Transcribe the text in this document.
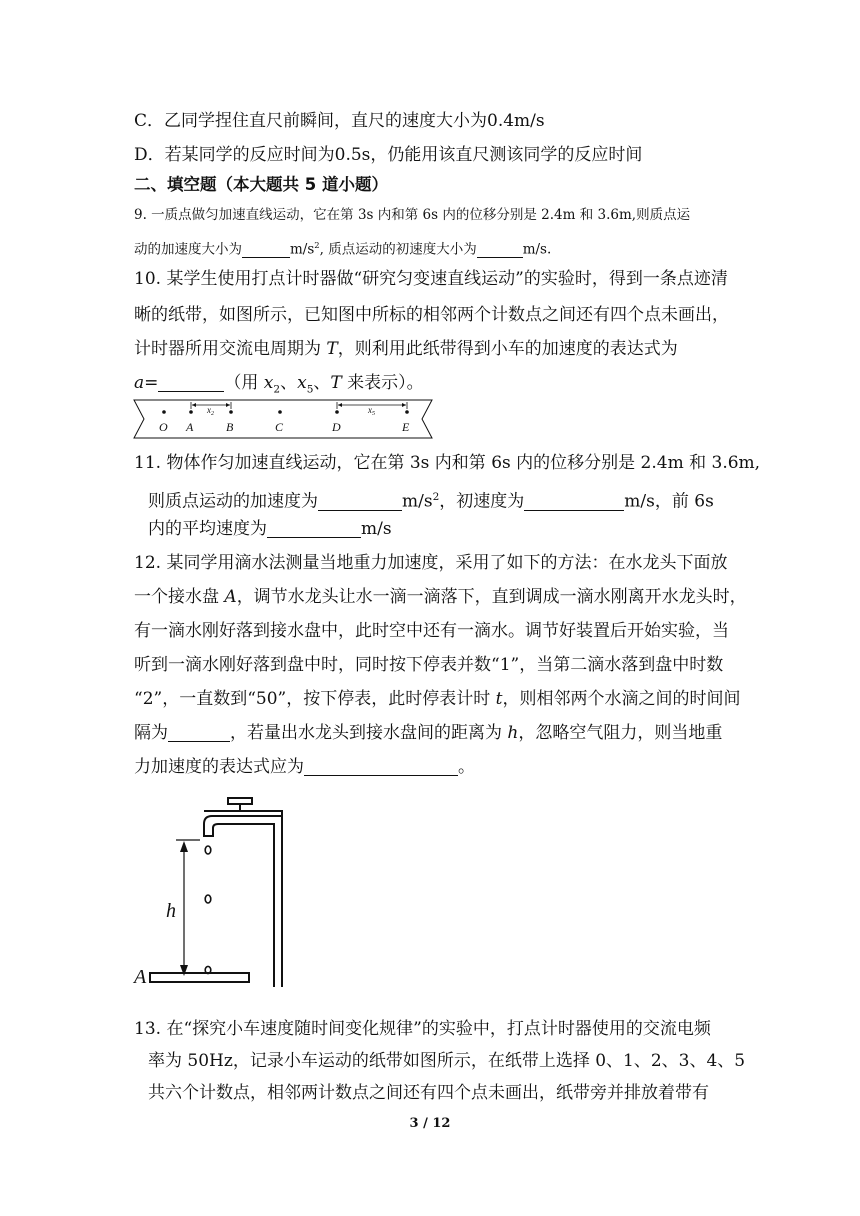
C．乙同学捏住直尺前瞬间，直尺的速度大小为0.4m/s
D．若某同学的反应时间为0.5s，仍能用该直尺测该同学的反应时间
二、填空题（本大题共 5 道小题）
9. 一质点做匀加速直线运动，它在第 3s 内和第 6s 内的位移分别是 2.4m 和 3.6m,则质点运
动的加速度大小为	$m/s^2$, 质点运动的初速度大小为	m/s.
10. 某学生使用打点计时器做“研究匀变速直线运动”的实验时，得到一条点迹清
晰的纸带，如图所示，已知图中所标的相邻两个计数点之间还有四个点未画出，
计时器所用交流电周期为 T，则利用此纸带得到小车的加速度的表达式为
a=	（用 $x_2$、$x_5$、T 来表示）。
$x_2$	$x_5$
O A	B	C	D	E
11. 物体作匀加速直线运动，它在第 3s 内和第 6s 内的位移分别是 2.4m 和 3.6m,
则质点运动的加速度为	$m/s^2$，初速度为	m/s，前 6s
内的平均速度为	m/s
12. 某同学用滴水法测量当地重力加速度，采用了如下的方法：在水龙头下面放
一个接水盘 A，调节水龙头让水一滴一滴落下，直到调成一滴水刚离开水龙头时，
有一滴水刚好落到接水盘中，此时空中还有一滴水。调节好装置后开始实验，当
听到一滴水刚好落到盘中时，同时按下停表并数“1”，当第二滴水落到盘中时数
“2”，一直数到“50”，按下停表，此时停表计时 t，则相邻两个水滴之间的时间间
隔为	，若量出水龙头到接水盘间的距离为 h，忽略空气阻力，则当地重
力加速度的表达式应为	。
h
A
13. 在“探究小车速度随时间变化规律”的实验中，打点计时器使用的交流电频
率为 50Hz，记录小车运动的纸带如图所示，在纸带上选择 0、1、2、3、4、5
共六个计数点，相邻两计数点之间还有四个点未画出，纸带旁并排放着带有
3 / 12
